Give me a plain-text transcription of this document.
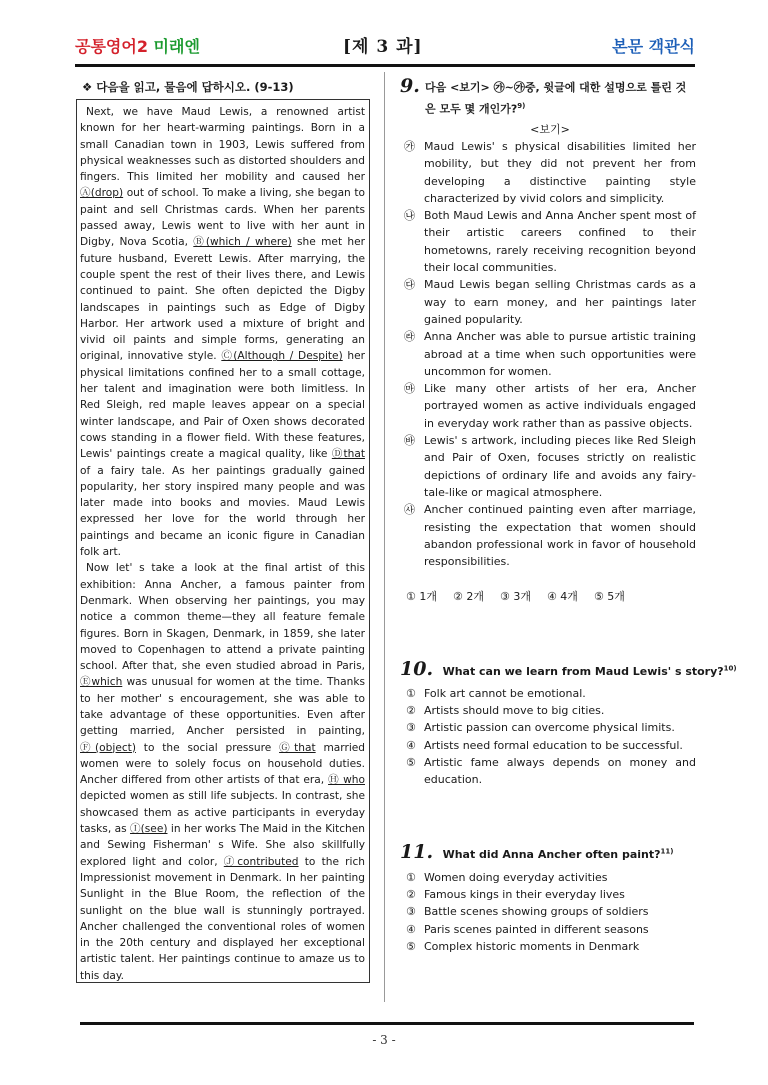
공통영어2 미래엔	[제 3 과]	본문 객관식
❖ 다음을 읽고, 물음에 답하시오. (9-13)

Next, we have Maud Lewis, a renowned artist known for her heart-warming paintings. Born in a small Canadian town in 1903, Lewis suffered from physical weaknesses such as distorted shoulders and fingers. This limited her mobility and caused her Ⓐ(drop) out of school. To make a living, she began to paint and sell Christmas cards. When her parents passed away, Lewis went to live with her aunt in Digby, Nova Scotia, Ⓑ(which / where) she met her future husband, Everett Lewis. After marrying, the couple spent the rest of their lives there, and Lewis continued to paint. She often depicted the Digby landscapes in paintings such as Edge of Digby Harbor. Her artwork used a mixture of bright and vivid oil paints and simple forms, generating an original, innovative style. Ⓒ(Although / Despite) her physical limitations confined her to a small cottage, her talent and imagination were both limitless. In Red Sleigh, red maple leaves appear on a special winter landscape, and Pair of Oxen shows decorated cows standing in a flower field. With these features, Lewis' paintings create a magical quality, like Ⓓthat of a fairy tale. As her paintings gradually gained popularity, her story inspired many people and was later made into books and movies. Maud Lewis expressed her love for the world through her paintings and became an iconic figure in Canadian folk art.

Now let' s take a look at the final artist of this exhibition: Anna Ancher, a famous painter from Denmark. When observing her paintings, you may notice a common theme—they all feature female figures. Born in Skagen, Denmark, in 1859, she later moved to Copenhagen to attend a private painting school. After that, she even studied abroad in Paris, Ⓔwhich was unusual for women at the time. Thanks to her mother' s encouragement, she was able to take advantage of these opportunities. Even after getting married, Ancher persisted in painting, Ⓕ(object) to the social pressure Ⓖthat married women were to solely focus on household duties. Ancher differed from other artists of that era, Ⓗ who depicted women as still life subjects. In contrast, she showcased them as active participants in everyday tasks, as Ⓘ(see) in her works The Maid in the Kitchen and Sewing Fisherman' s Wife. She also skillfully explored light and color, Ⓙcontributed to the rich Impressionist movement in Denmark. In her painting Sunlight in the Blue Room, the reflection of the sunlight on the blue wall is stunningly portrayed. Ancher challenged the conventional roles of women in the 20th century and displayed her exceptional artistic talent. Her paintings continue to amaze us to this day.

9. 다음 <보기> ㉮~㉮중, 윗글에 대한 설명으로 틀린 것은 모두 몇 개인가?$^{9)}$
<보기>
㉮ Maud Lewis' s physical disabilities limited her mobility, but they did not prevent her from developing a distinctive painting style characterized by vivid colors and simplicity.
㉯ Both Maud Lewis and Anna Ancher spent most of their artistic careers confined to their hometowns, rarely receiving recognition beyond their local communities.
㉰ Maud Lewis began selling Christmas cards as a way to earn money, and her paintings later gained popularity.
㉱ Anna Ancher was able to pursue artistic training abroad at a time when such opportunities were uncommon for women.
㉲ Like many other artists of her era, Ancher portrayed women as active individuals engaged in everyday work rather than as passive objects.
㉳ Lewis' s artwork, including pieces like Red Sleigh and Pair of Oxen, focuses strictly on realistic depictions of ordinary life and avoids any fairy-tale-like or magical atmosphere.
㉴ Ancher continued painting even after marriage, resisting the expectation that women should abandon professional work in favor of household responsibilities.
① 1개 ② 2개 ③ 3개 ④ 4개 ⑤ 5개
10. What can we learn from Maud Lewis' s story?$^{10)}$
① Folk art cannot be emotional.
② Artists should move to big cities.
③ Artistic passion can overcome physical limits.
④ Artists need formal education to be successful.
⑤ Artistic fame always depends on money and education.
11. What did Anna Ancher often paint?$^{11)}$
① Women doing everyday activities
② Famous kings in their everyday lives
③ Battle scenes showing groups of soldiers
④ Paris scenes painted in different seasons
⑤ Complex historic moments in Denmark
- 3 -
